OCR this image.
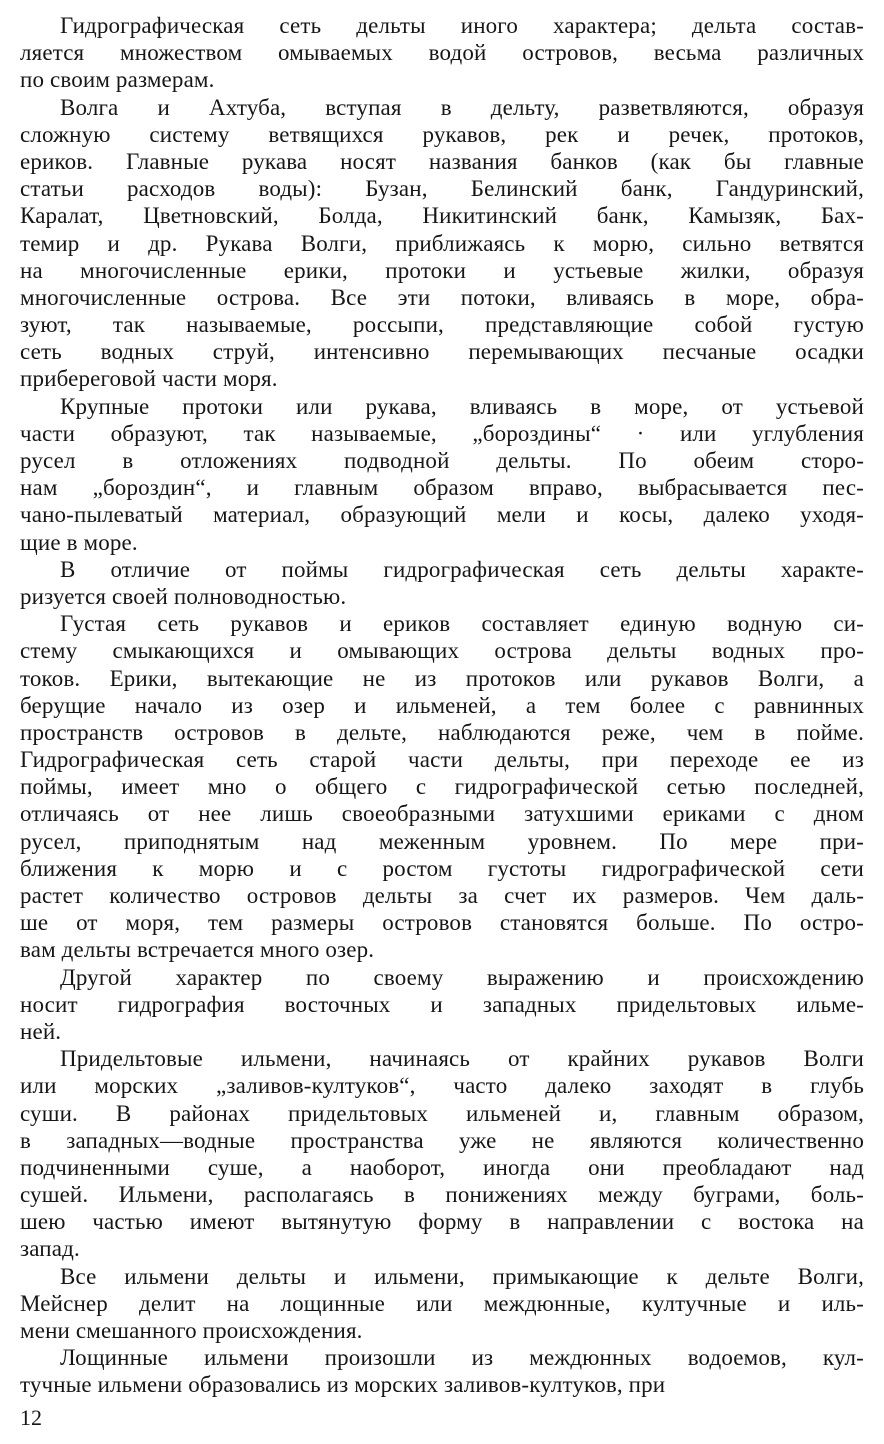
Гидрографическая сеть дельты иного характера; дельта состав-
ляется множеством омываемых водой островов, весьма различных
по своим размерам.
Волга и Ахтуба, вступая в дельту, разветвляются, образуя
сложную систему ветвящихся рукавов, рек и речек, протоков,
ериков. Главные рукава носят названия банков (как бы главные
статьи расходов воды): Бузан, Белинский банк, Гандуринский,
Каралат, Цветновский, Болда, Никитинский банк, Камызяк, Бах-
темир и др. Рукава Волги, приближаясь к морю, сильно ветвятся
на многочисленные ерики, протоки и устьевые жилки, образуя
многочисленные острова. Все эти потоки, вливаясь в море, обра-
зуют, так называемые, россыпи, представляющие собой густую
сеть водных струй, интенсивно перемывающих песчаные осадки
прибереговой части моря.
Крупные протоки или рукава, вливаясь в море, от устьевой
части образуют, так называемые, „бороздины“ · или углубления
русел в отложениях подводной дельты. По обеим сторо-
нам „бороздин“, и главным образом вправо, выбрасывается пес-
чано-пылеватый материал, образующий мели и косы, далеко уходя-
щие в море.
В отличие от поймы гидрографическая сеть дельты характе-
ризуется своей полноводностью.
Густая сеть рукавов и ериков составляет единую водную си-
стему смыкающихся и омывающих острова дельты водных про-
токов. Ерики, вытекающие не из протоков или рукавов Волги, а
берущие начало из озер и ильменей, а тем более с равнинных
пространств островов в дельте, наблюдаются реже, чем в пойме.
Гидрографическая сеть старой части дельты, при переходе ее из
поймы, имеет мно о общего с гидрографической сетью последней,
отличаясь от нее лишь своеобразными затухшими ериками с дном
русел, приподнятым над меженным уровнем. По мере при-
ближения к морю и с ростом густоты гидрографической сети
растет количество островов дельты за счет их размеров. Чем даль-
ше от моря, тем размеры островов становятся больше. По остро-
вам дельты встречается много озер.
Другой характер по своему выражению и происхождению
носит гидрография восточных и западных придельтовых ильме-
ней.
Придельтовые ильмени, начинаясь от крайних рукавов Волги
или морских „заливов-култуков“, часто далеко заходят в глубь
суши. В районах придельтовых ильменей и, главным образом,
в западных—водные пространства уже не являются количественно
подчиненными суше, а наоборот, иногда они преобладают над
сушей. Ильмени, располагаясь в понижениях между буграми, боль-
шею частью имеют вытянутую форму в направлении с востока на
запад.
Все ильмени дельты и ильмени, примыкающие к дельте Волги,
Мейснер делит на лощинные или междюнные, култучные и иль-
мени смешанного происхождения.
Лощинные ильмени произошли из междюнных водоемов, кул-
тучные ильмени образовались из морских заливов-култуков, при
12
